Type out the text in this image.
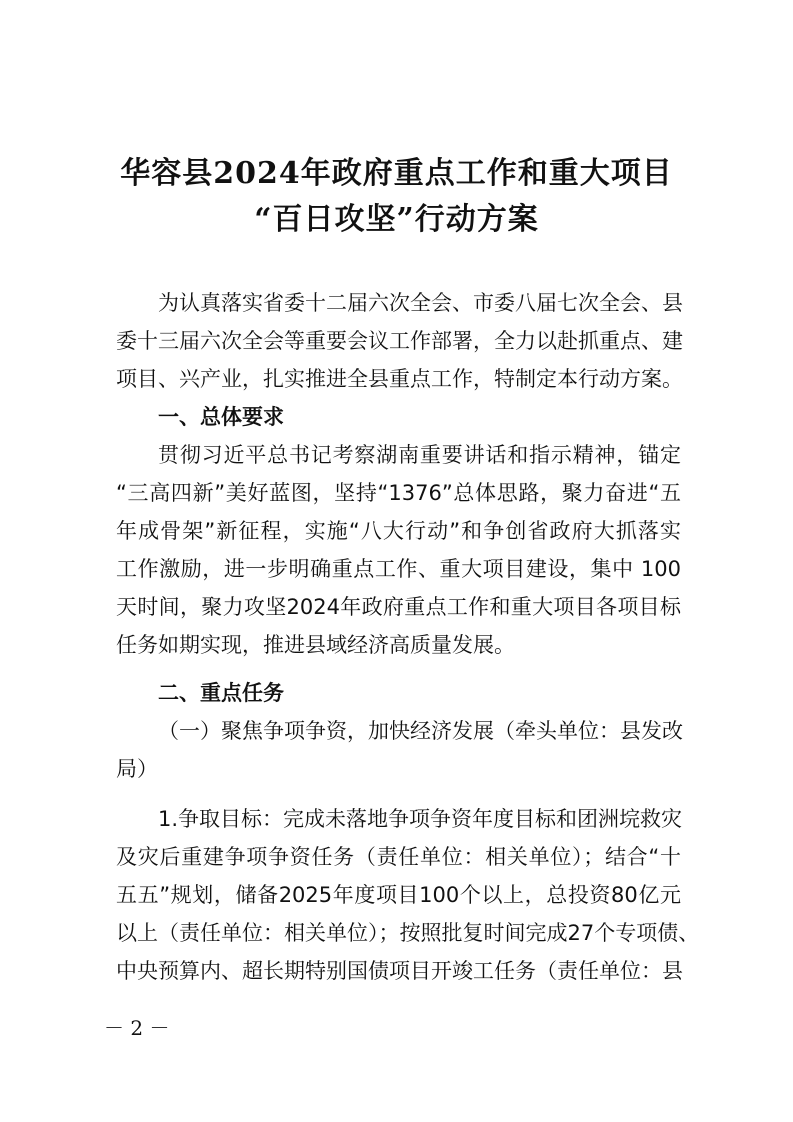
华容县2024年政府重点工作和重大项目
“百日攻坚”行动方案
为认真落实省委十二届六次全会、市委八届七次全会、县
委十三届六次全会等重要会议工作部署，全力以赴抓重点、建
项目、兴产业，扎实推进全县重点工作，特制定本行动方案。
一、总体要求
贯彻习近平总书记考察湖南重要讲话和指示精神，锚定
“三高四新”美好蓝图，坚持“1376”总体思路，聚力奋进“五
年成骨架”新征程，实施“八大行动”和争创省政府大抓落实
工作激励，进一步明确重点工作、重大项目建设，集中 100
天时间，聚力攻坚2024年政府重点工作和重大项目各项目标
任务如期实现，推进县域经济高质量发展。
二、重点任务
（一）聚焦争项争资，加快经济发展（牵头单位：县发改
局）
1.争取目标：完成未落地争项争资年度目标和团洲垸救灾
及灾后重建争项争资任务（责任单位：相关单位）；结合“十
五五”规划，储备2025年度项目100个以上，总投资80亿元
以上（责任单位：相关单位）；按照批复时间完成27个专项债、
中央预算内、超长期特别国债项目开竣工任务（责任单位：县
－ 2 －
